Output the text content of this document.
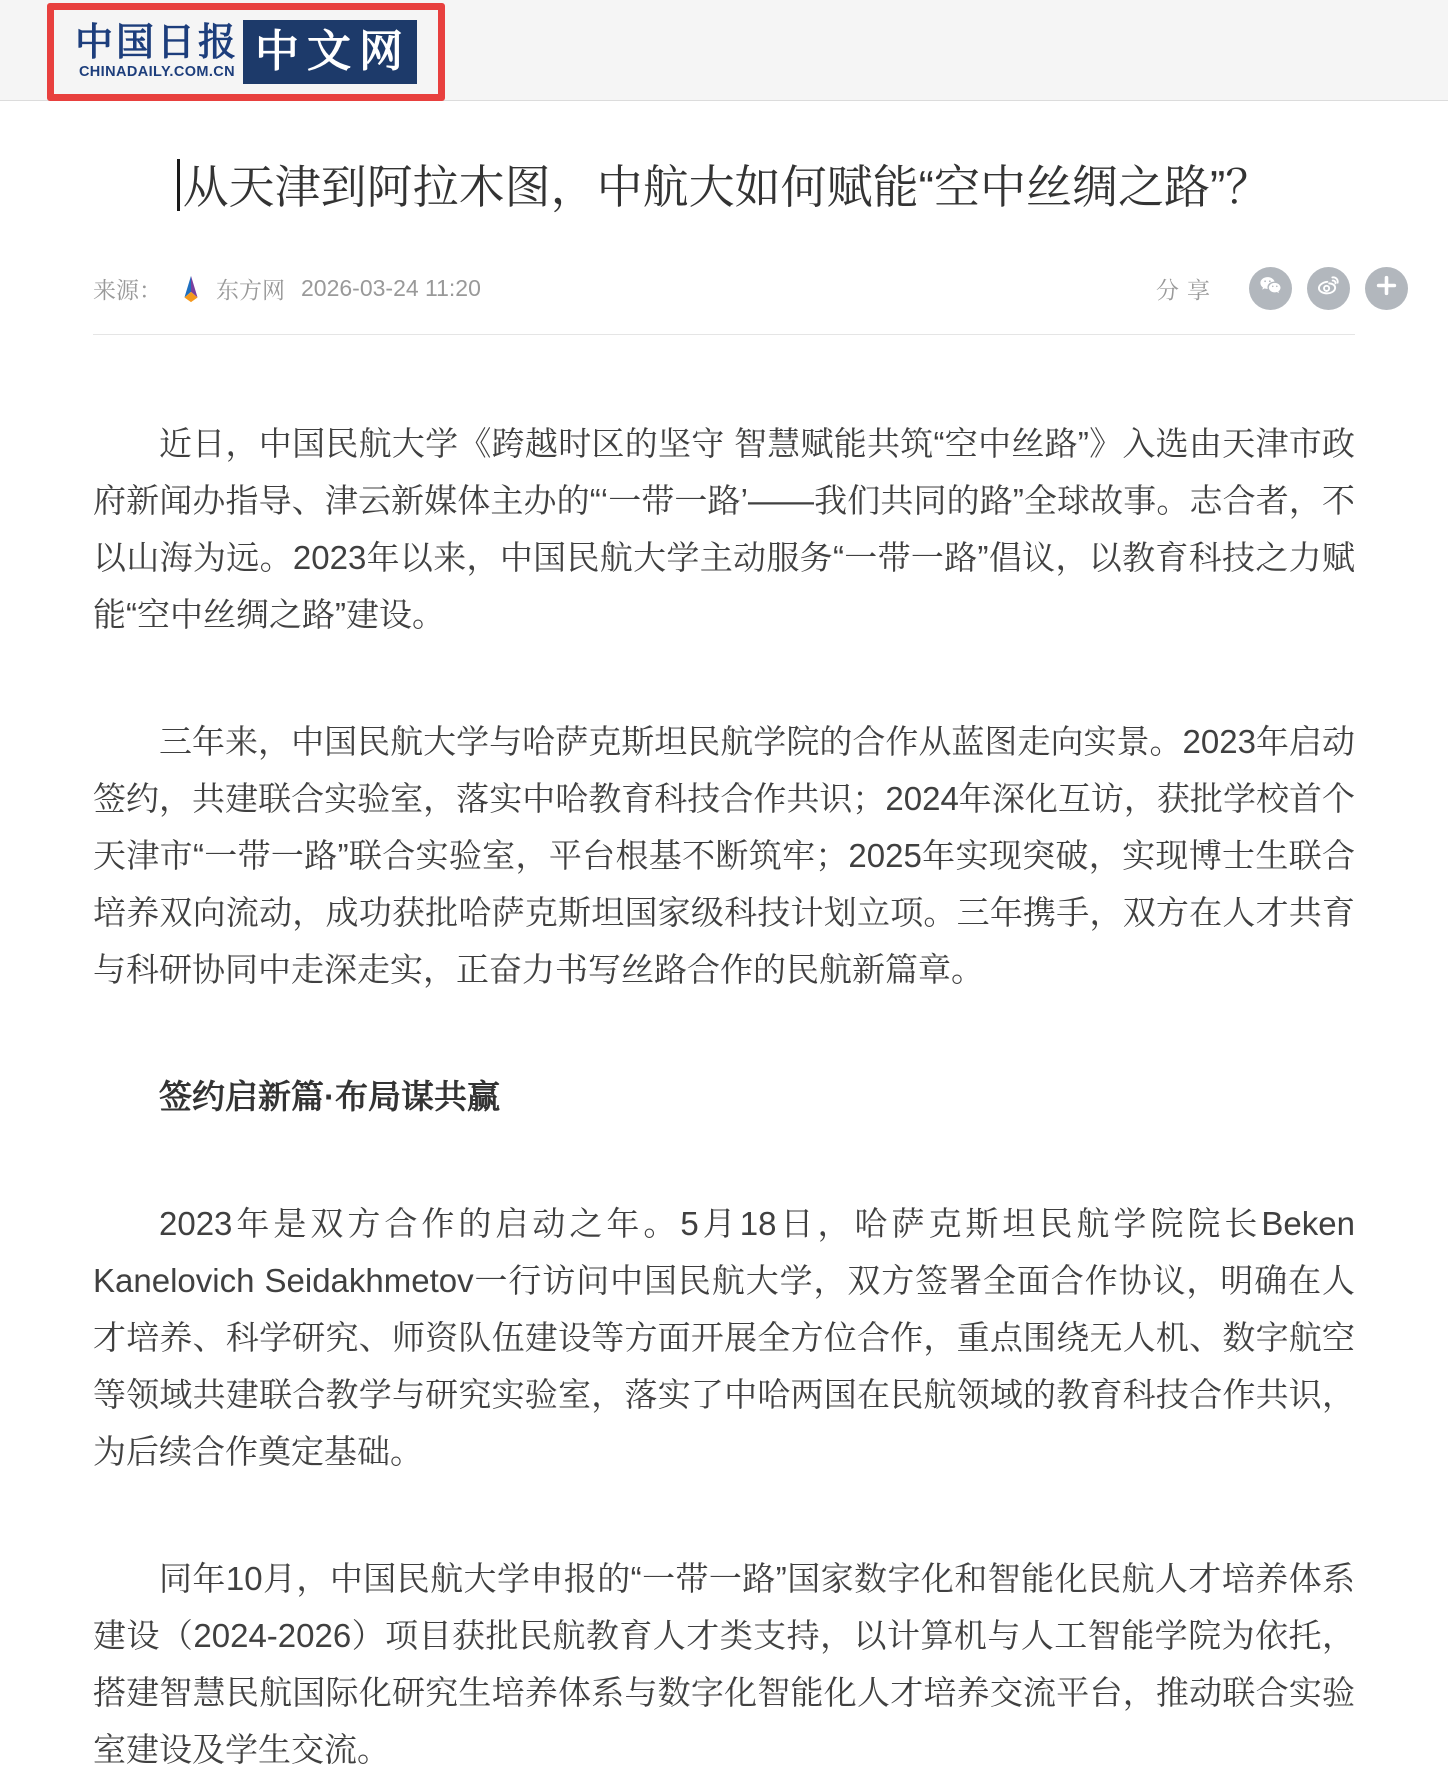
中国日报
CHINADAILY.COM.CN 中文网
从天津到阿拉木图，中航大如何赋能“空中丝绸之路”？
来源： 东方网 2026-03-24 11:20	分享

近日，中国民航大学《跨越时区的坚守 智慧赋能共筑“空中丝路”》入选由天津市政府新闻办指导、津云新媒体主办的“‘一带一路’——我们共同的路”全球故事。志合者，不以山海为远。2023年以来，中国民航大学主动服务“一带一路”倡议，以教育科技之力赋能“空中丝绸之路”建设。

三年来，中国民航大学与哈萨克斯坦民航学院的合作从蓝图走向实景。2023年启动签约，共建联合实验室，落实中哈教育科技合作共识；2024年深化互访，获批学校首个天津市“一带一路”联合实验室，平台根基不断筑牢；2025年实现突破，实现博士生联合培养双向流动，成功获批哈萨克斯坦国家级科技计划立项。三年携手，双方在人才共育与科研协同中走深走实，正奋力书写丝路合作的民航新篇章。

签约启新篇·布局谋共赢

2023年是双方合作的启动之年。5月18日，哈萨克斯坦民航学院院长Beken Kanelovich Seidakhmetov一行访问中国民航大学，双方签署全面合作协议，明确在人才培养、科学研究、师资队伍建设等方面开展全方位合作，重点围绕无人机、数字航空等领域共建联合教学与研究实验室，落实了中哈两国在民航领域的教育科技合作共识，为后续合作奠定基础。

同年10月，中国民航大学申报的“一带一路”国家数字化和智能化民航人才培养体系建设（2024-2026）项目获批民航教育人才类支持，以计算机与人工智能学院为依托，搭建智慧民航国际化研究生培养体系与数字化智能化人才培养交流平台，推动联合实验室建设及学生交流。
